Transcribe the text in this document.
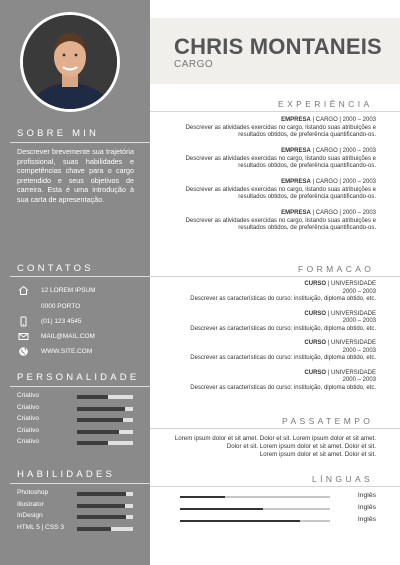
SOBRE MIN
Descrever brevemente sua trajetória profissional, suas habilidades e competências chave para o cargo pretendido e seus objetivos de carreira. Esta é uma introdução à sua carta de apresentação.
CONTATOS
12 LOREM IPSUM
0000 PORTO
(01) 123 4545
MAIL@MAIL.COM
WWW.SITE.COM
PERSONALIDADE
Criativo
Criativo
Criativo
Criativo
Criativo
HABILIDADES
Photoshop
Illustrator
InDesign
HTML 5 | CSS 3
CHRIS MONTANEIS
CARGO
EXPERIÊNCIA
EMPRESA | CARGO | 2000 – 2003
Descrever as atividades exercidas no cargo, listando suas atribuições e
resultados obtidos, de preferência quantificando-os.
EMPRESA | CARGO | 2000 – 2003
Descrever as atividades exercidas no cargo, listando suas atribuições e
resultados obtidos, de preferência quantificando-os.
EMPRESA | CARGO | 2000 – 2003
Descrever as atividades exercidas no cargo, listando suas atribuições e
resultados obtidos, de preferência quantificando-os.
EMPRESA | CARGO | 2000 – 2003
Descrever as atividades exercidas no cargo, listando suas atribuições e
resultados obtidos, de preferência quantificando-os.
FORMACAO
CURSO | UNIVERSIDADE
2000 – 2003
Descrever as características do curso: instituição, diploma obtido, etc.
CURSO | UNIVERSIDADE
2000 – 2003
Descrever as características do curso: instituição, diploma obtido, etc.
CURSO | UNIVERSIDADE
2000 – 2003
Descrever as características do curso: instituição, diploma obtido, etc.
CURSO | UNIVERSIDADE
2000 – 2003
Descrever as características do curso: instituição, diploma obtido, etc.
PASSATEMPO
Lorem ipsum dolor et sit amet. Dolor et sit. Lorem ipsum dolor et sit amet.
Dolor et sit. Lorem ipsum dolor et sit amet. Dolor et sit.
Lorem ipsum dolor et sit amet. Dolor et sit.
LÍNGUAS
Inglês
Inglês
Inglês
